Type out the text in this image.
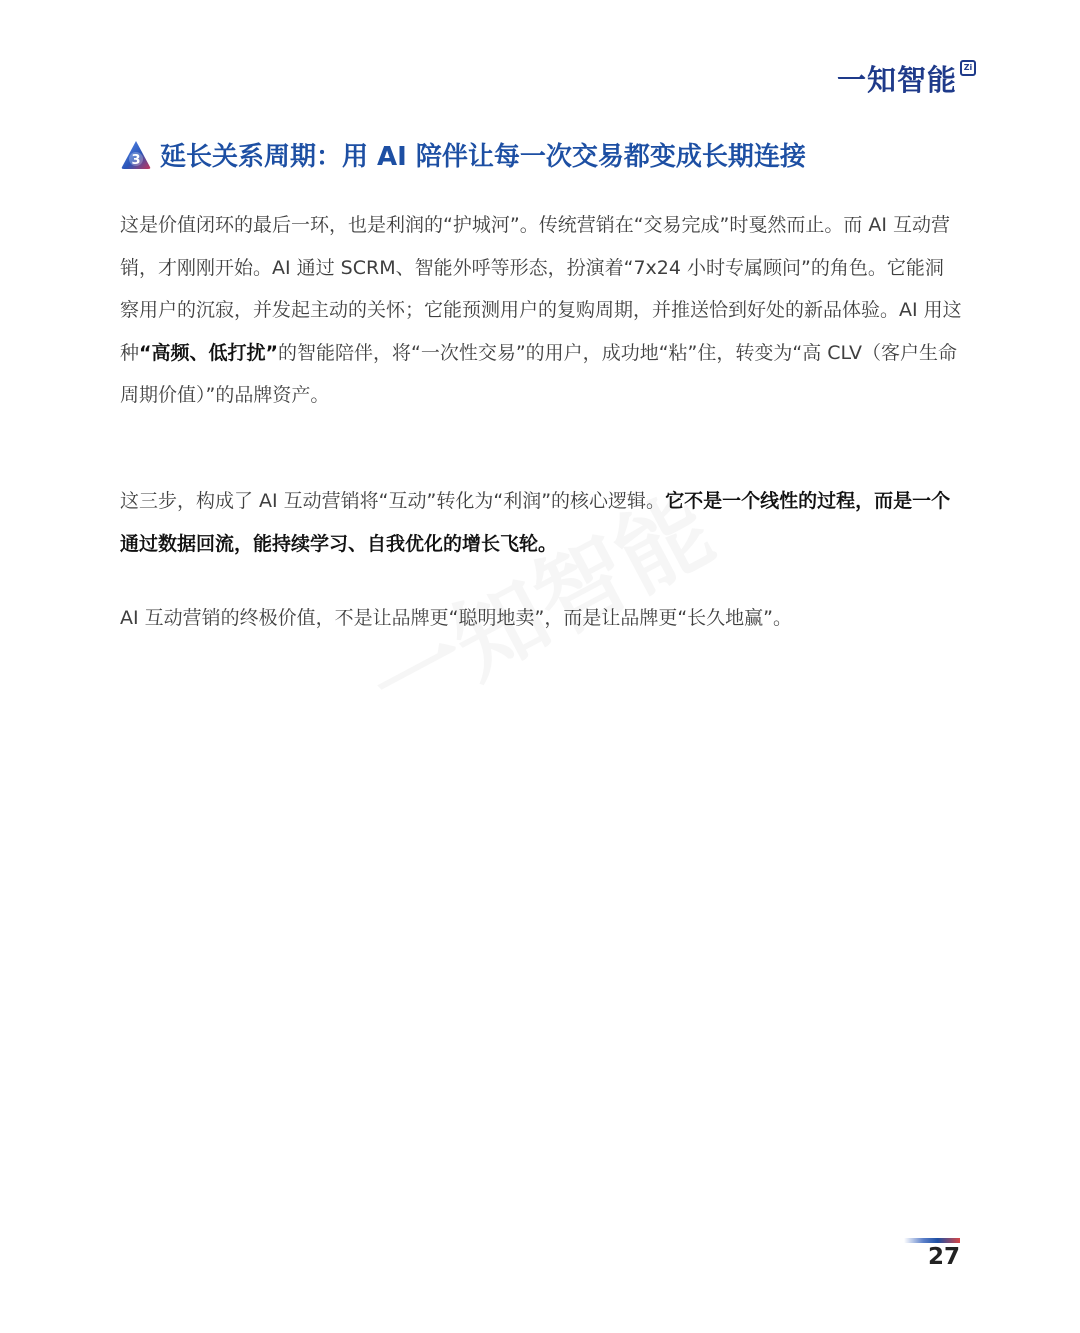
一知智能 Zi
3 延长关系周期：用 AI 陪伴让每一次交易都变成长期连接

这是价值闭环的最后一环，也是利润的“护城河”。传统营销在“交易完成”时戛然而止。而 AI 互动营销，才刚刚开始。AI 通过 SCRM、智能外呼等形态，扮演着“7x24 小时专属顾问”的角色。它能洞察用户的沉寂，并发起主动的关怀；它能预测用户的复购周期，并推送恰到好处的新品体验。AI 用这种“高频、低打扰”的智能陪伴，将“一次性交易”的用户，成功地“粘”住，转变为“高 CLV（客户生命周期价值）”的品牌资产。

这三步，构成了 AI 互动营销将“互动”转化为“利润”的核心逻辑。它不是一个线性的过程，而是一个通过数据回流，能持续学习、自我优化的增长飞轮。

AI 互动营销的终极价值，不是让品牌更“聪明地卖”，而是让品牌更“长久地赢”。

27
